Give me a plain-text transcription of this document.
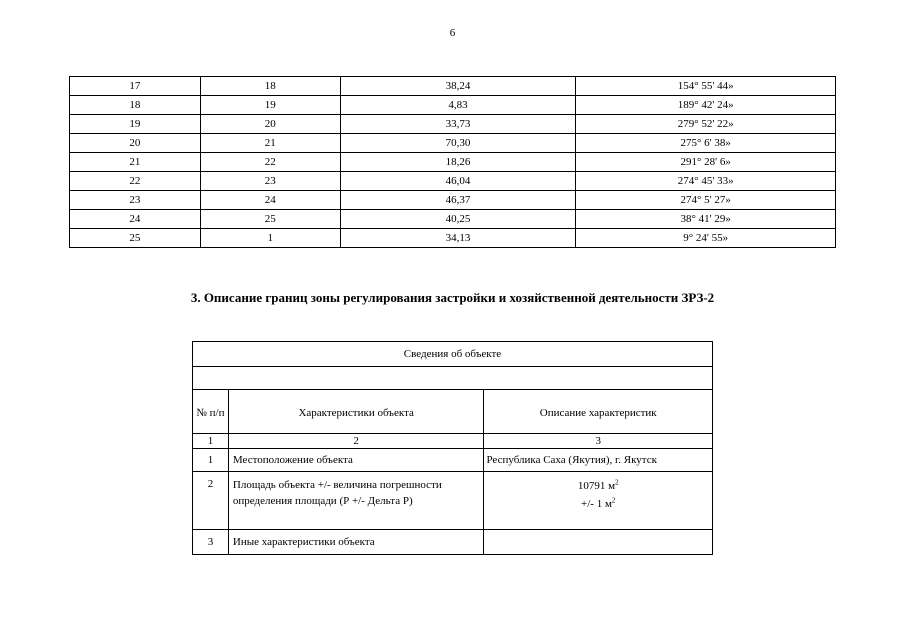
6
17	18	38,24	154° 55' 44»
18	19	4,83	189° 42' 24»
19	20	33,73	279° 52' 22»
20	21	70,30	275° 6' 38»
21	22	18,26	291° 28' 6»
22	23	46,04	274° 45' 33»
23	24	46,37	274° 5' 27»
24	25	40,25	38° 41' 29»
25	1	34,13	9° 24' 55»
3. Описание границ зоны регулирования застройки и хозяйственной деятельности ЗРЗ-2
Сведения об объекте		

№ п/п	Характеристики объекта	Описание характеристик
1	2	3
1	Местоположение объекта	Республика Саха (Якутия), г. Якутск
2	Площадь объекта +/- величина погрешности определения площади (Р +/- Дельта Р)	10791 $м^2$
+/- 1 $м^2$

3	Иные характеристики объекта	
